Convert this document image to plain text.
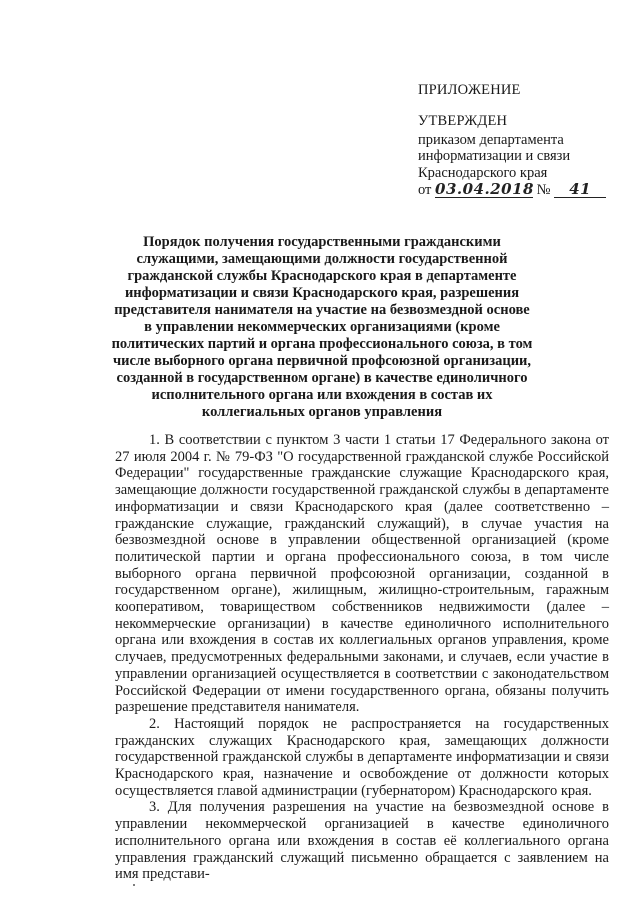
ПРИЛОЖЕНИЕ
УТВЕРЖДЕН
приказом департамента
информатизации и связи
Краснодарского края
от 03.04.2018 № 41
Порядок получения государственными гражданскими служащими, замещающими должности государственной гражданской службы Краснодарского края в департаменте информатизации и связи Краснодарского края, разрешения представителя нанимателя на участие на безвозмездной основе в управлении некоммерческих организациями (кроме политических партий и органа профессионального союза, в том числе выборного органа первичной профсоюзной организации, созданной в государственном органе) в качестве единоличного исполнительного органа или вхождения в состав их коллегиальных органов управления

1. В соответствии с пунктом 3 части 1 статьи 17 Федерального закона от 27 июля 2004 г. № 79-ФЗ "О государственной гражданской службе Российской Федерации" государственные гражданские служащие Краснодарского края, замещающие должности государственной гражданской службы в департаменте информатизации и связи Краснодарского края (далее соответственно – гражданские служащие, гражданский служащий), в случае участия на безвозмездной основе в управлении общественной организацией (кроме политической партии и органа профессионального союза, в том числе выборного органа первичной профсоюзной организации, созданной в государственном органе), жилищным, жилищно-строительным, гаражным кооперативом, товариществом собственников недвижимости (далее –некоммерческие организации) в качестве единоличного исполнительного органа или вхождения в состав их коллегиальных органов управления, кроме случаев, предусмотренных федеральными законами, и случаев, если участие в управлении организацией осуществляется в соответствии с законодательством Российской Федерации от имени государственного органа, обязаны получить разрешение представителя нанимателя.

2. Настоящий порядок не распространяется на государственных гражданских служащих Краснодарского края, замещающих должности государственной гражданской службы в департаменте информатизации и связи Краснодарского края, назначение и освобождение от должности которых осуществляется главой администрации (губернатором) Краснодарского края.

3. Для получения разрешения на участие на безвозмездной основе в управлении некоммерческой организацией в качестве единоличного исполнительного органа или вхождения в состав её коллегиального органа управления гражданский служащий письменно обращается с заявлением на имя представи-
